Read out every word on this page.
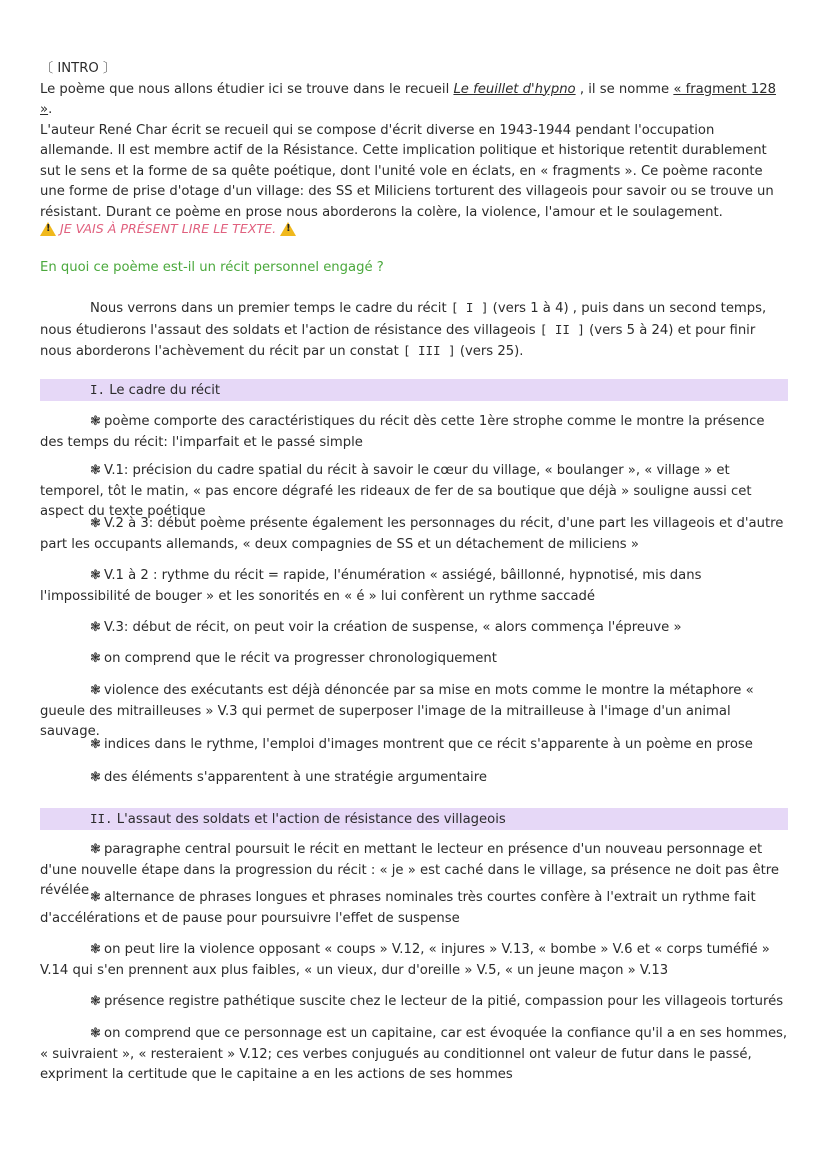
〔 INTRO 〕

Le poème que nous allons étudier ici se trouve dans le recueil Le feuillet d'hypno , il se nomme « fragment 128 ».
L'auteur René Char écrit se recueil qui se compose d'écrit diverse en 1943-1944 pendant l'occupation allemande. Il est membre actif de la Résistance. Cette implication politique et historique retentit durablement sut le sens et la forme de sa quête poétique, dont l'unité vole en éclats, en « fragments ». Ce poème raconte une forme de prise d'otage d'un village: des SS et Miliciens torturent des villageois pour savoir ou se trouve un résistant. Durant ce poème en prose nous aborderons la colère, la violence, l'amour et le soulagement.

!
JE VAIS À PRÉSENT LIRE LE TEXTE.
!

En quoi ce poème est-il un récit personnel engagé ?

Nous verrons dans un premier temps le cadre du récit [ I ] (vers 1 à 4) , puis dans un second temps, nous étudierons l'assaut des soldats et l'action de résistance des villageois [ II ] (vers 5 à 24) et pour finir nous aborderons l'achèvement du récit par un constat [ III ] (vers 25).

I. Le cadre du récit

❃ poème comporte des caractéristiques du récit dès cette 1ère strophe comme le montre la présence des temps du récit: l'imparfait et le passé simple

❃ V.1: précision du cadre spatial du récit à savoir le cœur du village, « boulanger », « village » et temporel, tôt le matin, « pas encore dégrafé les rideaux de fer de sa boutique que déjà » souligne aussi cet aspect du texte poétique

❃ V.2 à 3: début poème présente également les personnages du récit, d'une part les villageois et d'autre part les occupants allemands, « deux compagnies de SS et un détachement de miliciens »

❃ V.1 à 2 : rythme du récit = rapide, l'énumération « assiégé, bâillonné, hypnotisé, mis dans l'impossibilité de bouger » et les sonorités en « é » lui confèrent un rythme saccadé

❃ V.3: début de récit, on peut voir la création de suspense, « alors commença l'épreuve »

❃ on comprend que le récit va progresser chronologiquement

❃ violence des exécutants est déjà dénoncée par sa mise en mots comme le montre la métaphore « gueule des mitrailleuses » V.3 qui permet de superposer l'image de la mitrailleuse à l'image d'un animal sauvage.

❃ indices dans le rythme, l'emploi d'images montrent que ce récit s'apparente à un poème en prose

❃ des éléments s'apparentent à une stratégie argumentaire

II. L'assaut des soldats et l'action de résistance des villageois

❃ paragraphe central poursuit le récit en mettant le lecteur en présence d'un nouveau personnage et d'une nouvelle étape dans la progression du récit : « je » est caché dans le village, sa présence ne doit pas être révélée ❃ alternance de phrases longues et phrases nominales très courtes confère à l'extrait un rythme fait d'accélérations et de pause pour poursuivre l'effet de suspense

❃ on peut lire la violence opposant « coups » V.12, « injures » V.13, « bombe » V.6 et « corps tuméfié » V.14 qui s'en prennent aux plus faibles, « un vieux, dur d'oreille » V.5, « un jeune maçon » V.13

❃ présence registre pathétique suscite chez le lecteur de la pitié, compassion pour les villageois torturés

❃ on comprend que ce personnage est un capitaine, car est évoquée la confiance qu'il a en ses hommes, « suivraient », « resteraient » V.12; ces verbes conjugués au conditionnel ont valeur de futur dans le passé, expriment la certitude que le capitaine a en les actions de ses hommes
